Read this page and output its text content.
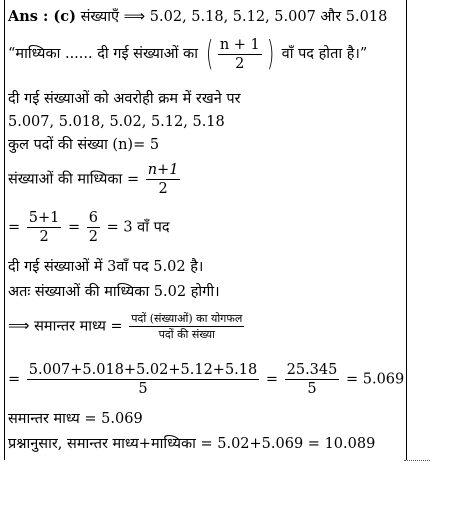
Ans : (c) संख्याएँ ⟹ 5.02, 5.18, 5.12, 5.007 और 5.018
“माध्यिका ...... दी गई संख्याओं का ( $\frac{n + 1}{2}$ ) वाँ पद होता है।”
दी गई संख्याओं को अवरोही क्रम में रखने पर
5.007, 5.018, 5.02, 5.12, 5.18
कुल पदों की संख्या (n)= 5
संख्याओं की माध्यिका = $\frac{n+1}{2}$
= $\frac{5+1}{2} = \frac{6}{2} = 3$ वाँ पद
दी गई संख्याओं में 3वाँ पद 5.02 है।
अतः संख्याओं की माध्यिका 5.02 होगी।
⟹ समान्तर माध्य = $\frac{\text{पदों (संख्याओं) का योगफल}}{\text{पदों की संख्या}}$
= $\frac{5.007+5.018+5.02+5.12+5.18}{5} = \frac{25.345}{5} = 5.069$
समान्तर माध्य = 5.069
प्रश्नानुसार, समान्तर माध्य+माध्यिका = 5.02+5.069 = 10.089
